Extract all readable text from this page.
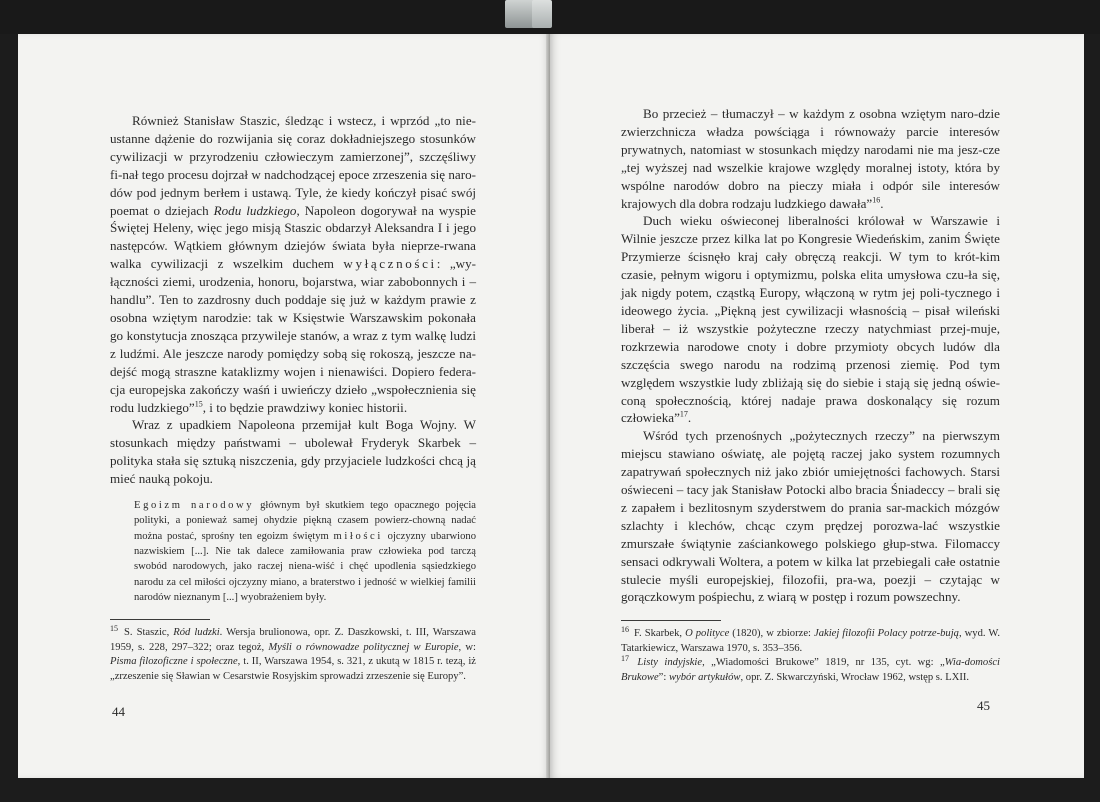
Również Stanisław Staszic, śledząc i wstecz, i wprzód „to nie-ustanne dążenie do rozwijania się coraz dokładniejszego stosunków cywilizacji w przyrodzeniu człowieczym zamierzonej”, szczęśliwy fi-nał tego procesu dojrzał w nadchodzącej epoce zrzeszenia się naro-dów pod jednym berłem i ustawą. Tyle, że kiedy kończył pisać swój poemat o dziejach Rodu ludzkiego, Napoleon dogorywał na wyspie Świętej Heleny, więc jego misją Staszic obdarzył Aleksandra I i jego następców. Wątkiem głównym dziejów świata była nieprze-rwana walka cywilizacji z wszelkim duchem wyłączności: „wy-łączności ziemi, urodzenia, honoru, bojarstwa, wiar zabobonnych i – handlu”. Ten to zazdrosny duch poddaje się już w każdym prawie z osobna wziętym narodzie: tak w Księstwie Warszawskim pokonała go konstytucja znosząca przywileje stanów, a wraz z tym walkę ludzi z ludźmi. Ale jeszcze narody pomiędzy sobą się rokoszą, jeszcze na-dejść mogą straszne kataklizmy wojen i nienawiści. Dopiero federa-cja europejska zakończy waśń i uwieńczy dzieło „wspołecznienia się rodu ludzkiego”$^{15}$, i to będzie prawdziwy koniec historii.

Wraz z upadkiem Napoleona przemijał kult Boga Wojny. W stosunkach między państwami – ubolewał Fryderyk Skarbek – polityka stała się sztuką niszczenia, gdy przyjaciele ludzkości chcą ją mieć nauką pokoju.

Egoizm narodowy głównym był skutkiem tego opacznego pojęcia polityki, a ponieważ samej ohydzie piękną czasem powierz-chowną nadać można postać, sprośny ten egoizm świętym miłości ojczyzny ubarwiono nazwiskiem [...]. Nie tak dalece zamiłowania praw człowieka pod tarczą swobód narodowych, jako raczej niena-wiść i chęć upodlenia sąsiedzkiego narodu za cel miłości ojczyzny miano, a braterstwo i jedność w wielkiej familii narodów nieznanym [...] wyobrażeniem były.

$^{15}$ S. Staszic, Ród ludzki. Wersja brulionowa, opr. Z. Daszkowski, t. III, Warszawa 1959, s. 228, 297–322; oraz tegoż, Myśli o równowadze politycznej w Europie, w: Pisma filozoficzne i społeczne, t. II, Warszawa 1954, s. 321, z ukutą w 1815 r. tezą, iż „zrzeszenie się Sławian w Cesarstwie Rosyjskim sprowadzi zrzeszenie się Europy”.

44

Bo przecież – tłumaczył – w każdym z osobna wziętym naro-dzie zwierzchnicza władza powściąga i równoważy parcie interesów prywatnych, natomiast w stosunkach między narodami nie ma jesz-cze „tej wyższej nad wszelkie krajowe względy moralnej istoty, która by wspólne narodów dobro na pieczy miała i odpór sile interesów krajowych dla dobra rodzaju ludzkiego dawała”$^{16}$.

Duch wieku oświeconej liberalności królował w Warszawie i Wilnie jeszcze przez kilka lat po Kongresie Wiedeńskim, zanim Święte Przymierze ścisnęło kraj cały obręczą reakcji. W tym to krót-kim czasie, pełnym wigoru i optymizmu, polska elita umysłowa czu-ła się, jak nigdy potem, cząstką Europy, włączoną w rytm jej poli-tycznego i ideowego życia. „Piękną jest cywilizacji własnością – pisał wileński liberał – iż wszystkie pożyteczne rzeczy natychmiast przej-muje, rozkrzewia narodowe cnoty i dobre przymioty obcych ludów dla szczęścia swego narodu na rodzimą przenosi ziemię. Pod tym względem wszystkie ludy zbliżają się do siebie i stają się jedną oświe-coną społecznością, której nadaje prawa doskonalący się rozum człowieka”$^{17}$.

Wśród tych przenośnych „pożytecznych rzeczy” na pierwszym miejscu stawiano oświatę, ale pojętą raczej jako system rozumnych zapatrywań społecznych niż jako zbiór umiejętności fachowych. Starsi oświeceni – tacy jak Stanisław Potocki albo bracia Śniadeccy – brali się z zapałem i bezlitosnym szyderstwem do prania sar-mackich mózgów szlachty i klechów, chcąc czym prędzej porozwa-lać wszystkie zmurszałe świątynie zaściankowego polskiego głup-stwa. Filomaccy sensaci odkrywali Woltera, a potem w kilka lat przebiegali całe ostatnie stulecie myśli europejskiej, filozofii, pra-wa, poezji – czytając w gorączkowym pośpiechu, z wiarą w postęp i rozum powszechny.

$^{16}$ F. Skarbek, O polityce (1820), w zbiorze: Jakiej filozofii Polacy potrze-bują, wyd. W. Tatarkiewicz, Warszawa 1970, s. 353–356.

$^{17}$ Listy indyjskie, „Wiadomości Brukowe” 1819, nr 135, cyt. wg: „Wia-domości Brukowe”: wybór artykułów, opr. Z. Skwarczyński, Wrocław 1962, wstęp s. LXII.

45
